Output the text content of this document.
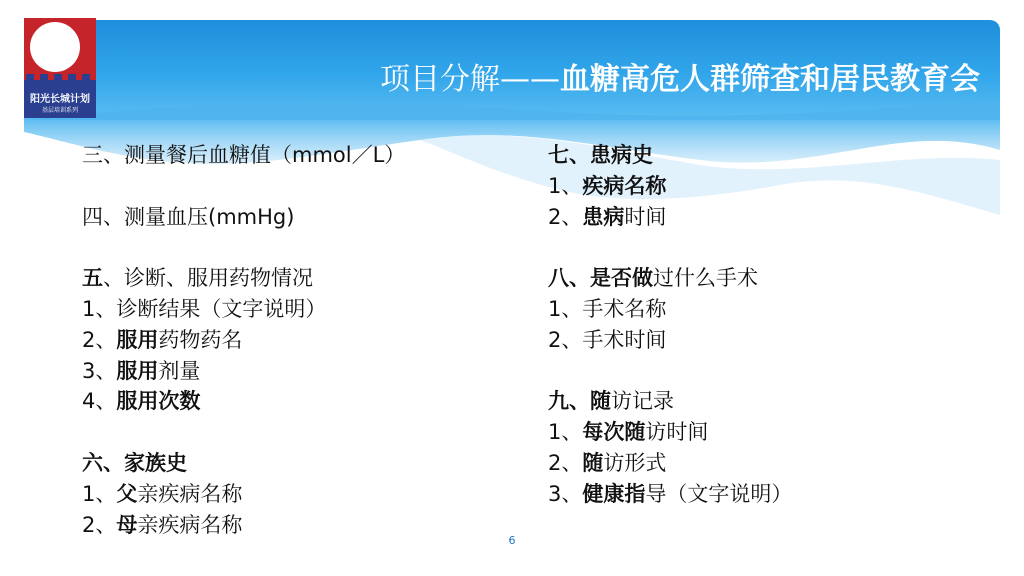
阳光长城计划
基层培训系列
项目分解——血糖高危人群筛查和居民教育会
三、测量餐后血糖值（mmol／L）
四、测量血压(mmHg)
五、诊断、服用药物情况
1、诊断结果（文字说明）
2、服用药物药名
3、服用剂量
4、服用次数
六、家族史
1、父亲疾病名称
2、母亲疾病名称
七、患病史
1、疾病名称
2、患病时间
八、是否做过什么手术
1、手术名称
2、手术时间
九、随访记录
1、每次随访时间
2、随访形式
3、健康指导（文字说明）
6
